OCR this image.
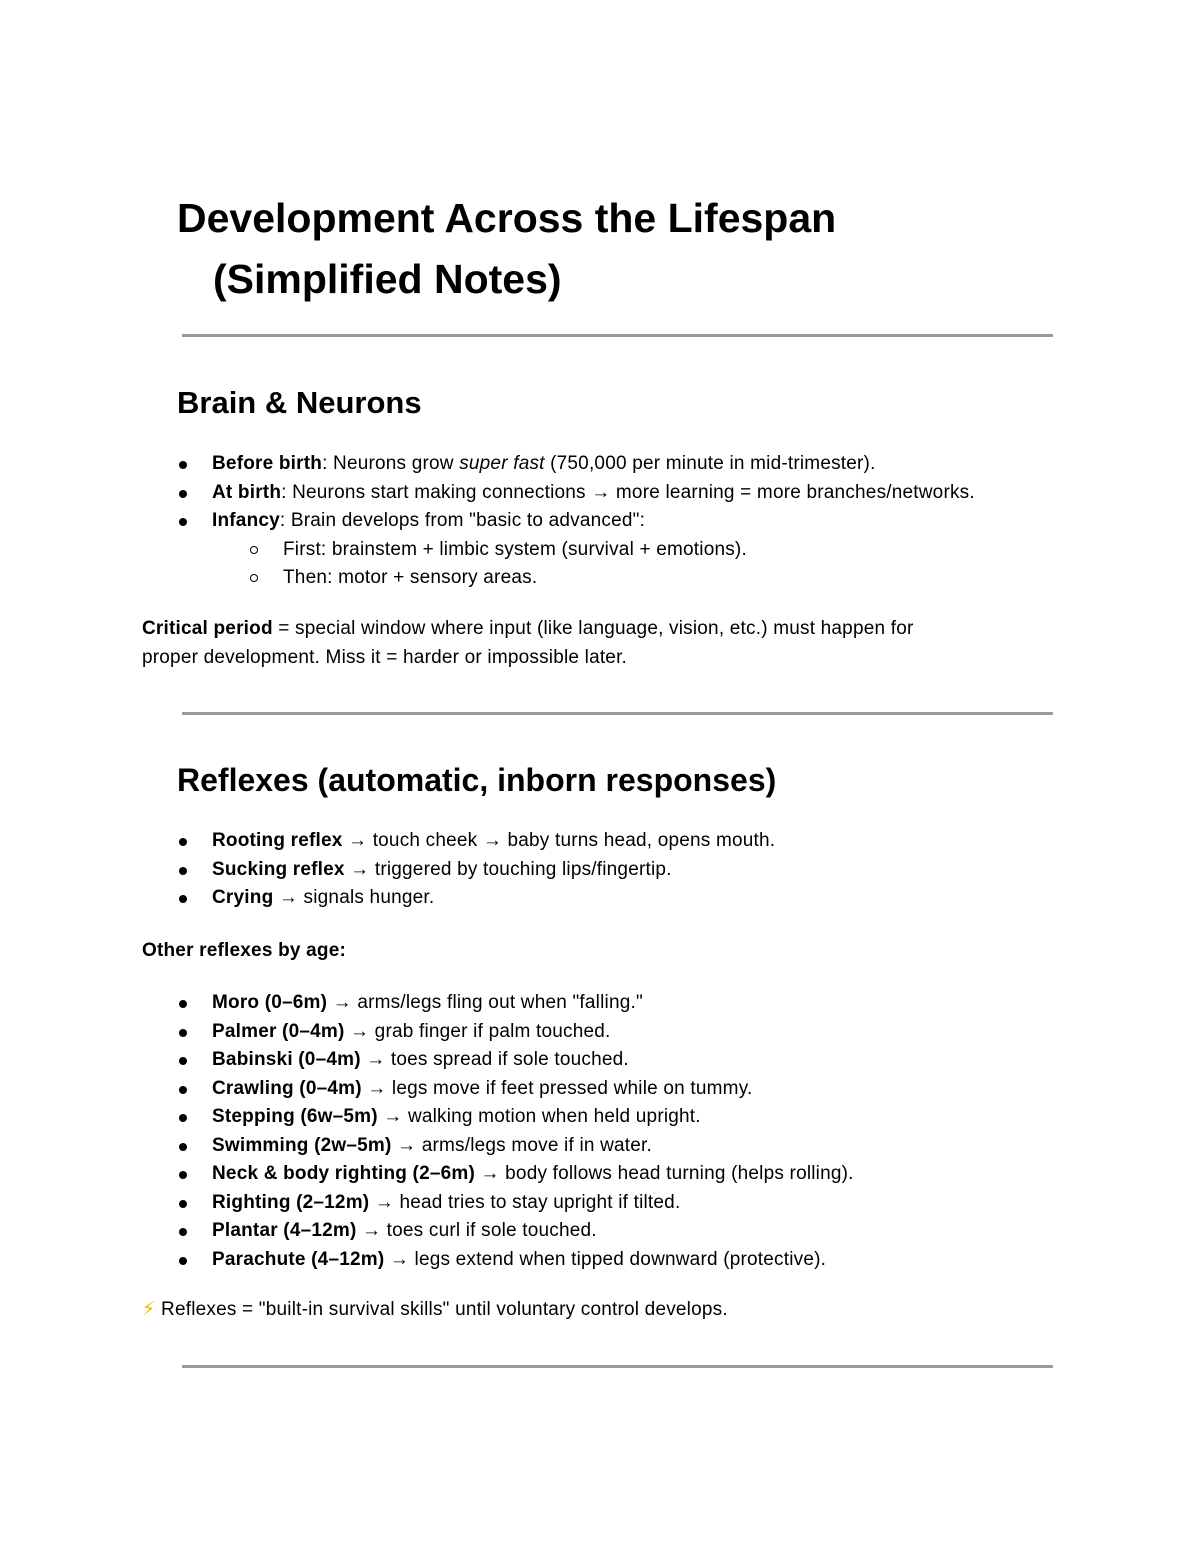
Development Across the Lifespan
(Simplified Notes)
Brain & Neurons
Before birth: Neurons grow super fast (750,000 per minute in mid-trimester).
At birth: Neurons start making connections → more learning = more branches/networks.
Infancy: Brain develops from "basic to advanced":
First: brainstem + limbic system (survival + emotions).
Then: motor + sensory areas.

Critical period = special window where input (like language, vision, etc.) must happen for
proper development. Miss it = harder or impossible later.

Reflexes (automatic, inborn responses)
Rooting reflex → touch cheek → baby turns head, opens mouth.
Sucking reflex → triggered by touching lips/fingertip.
Crying → signals hunger.

Other reflexes by age:

Moro (0–6m) → arms/legs fling out when "falling."
Palmer (0–4m) → grab finger if palm touched.
Babinski (0–4m) → toes spread if sole touched.
Crawling (0–4m) → legs move if feet pressed while on tummy.
Stepping (6w–5m) → walking motion when held upright.
Swimming (2w–5m) → arms/legs move if in water.
Neck & body righting (2–6m) → body follows head turning (helps rolling).
Righting (2–12m) → head tries to stay upright if tilted.
Plantar (4–12m) → toes curl if sole touched.
Parachute (4–12m) → legs extend when tipped downward (protective).

⚡ Reflexes = "built-in survival skills" until voluntary control develops.
